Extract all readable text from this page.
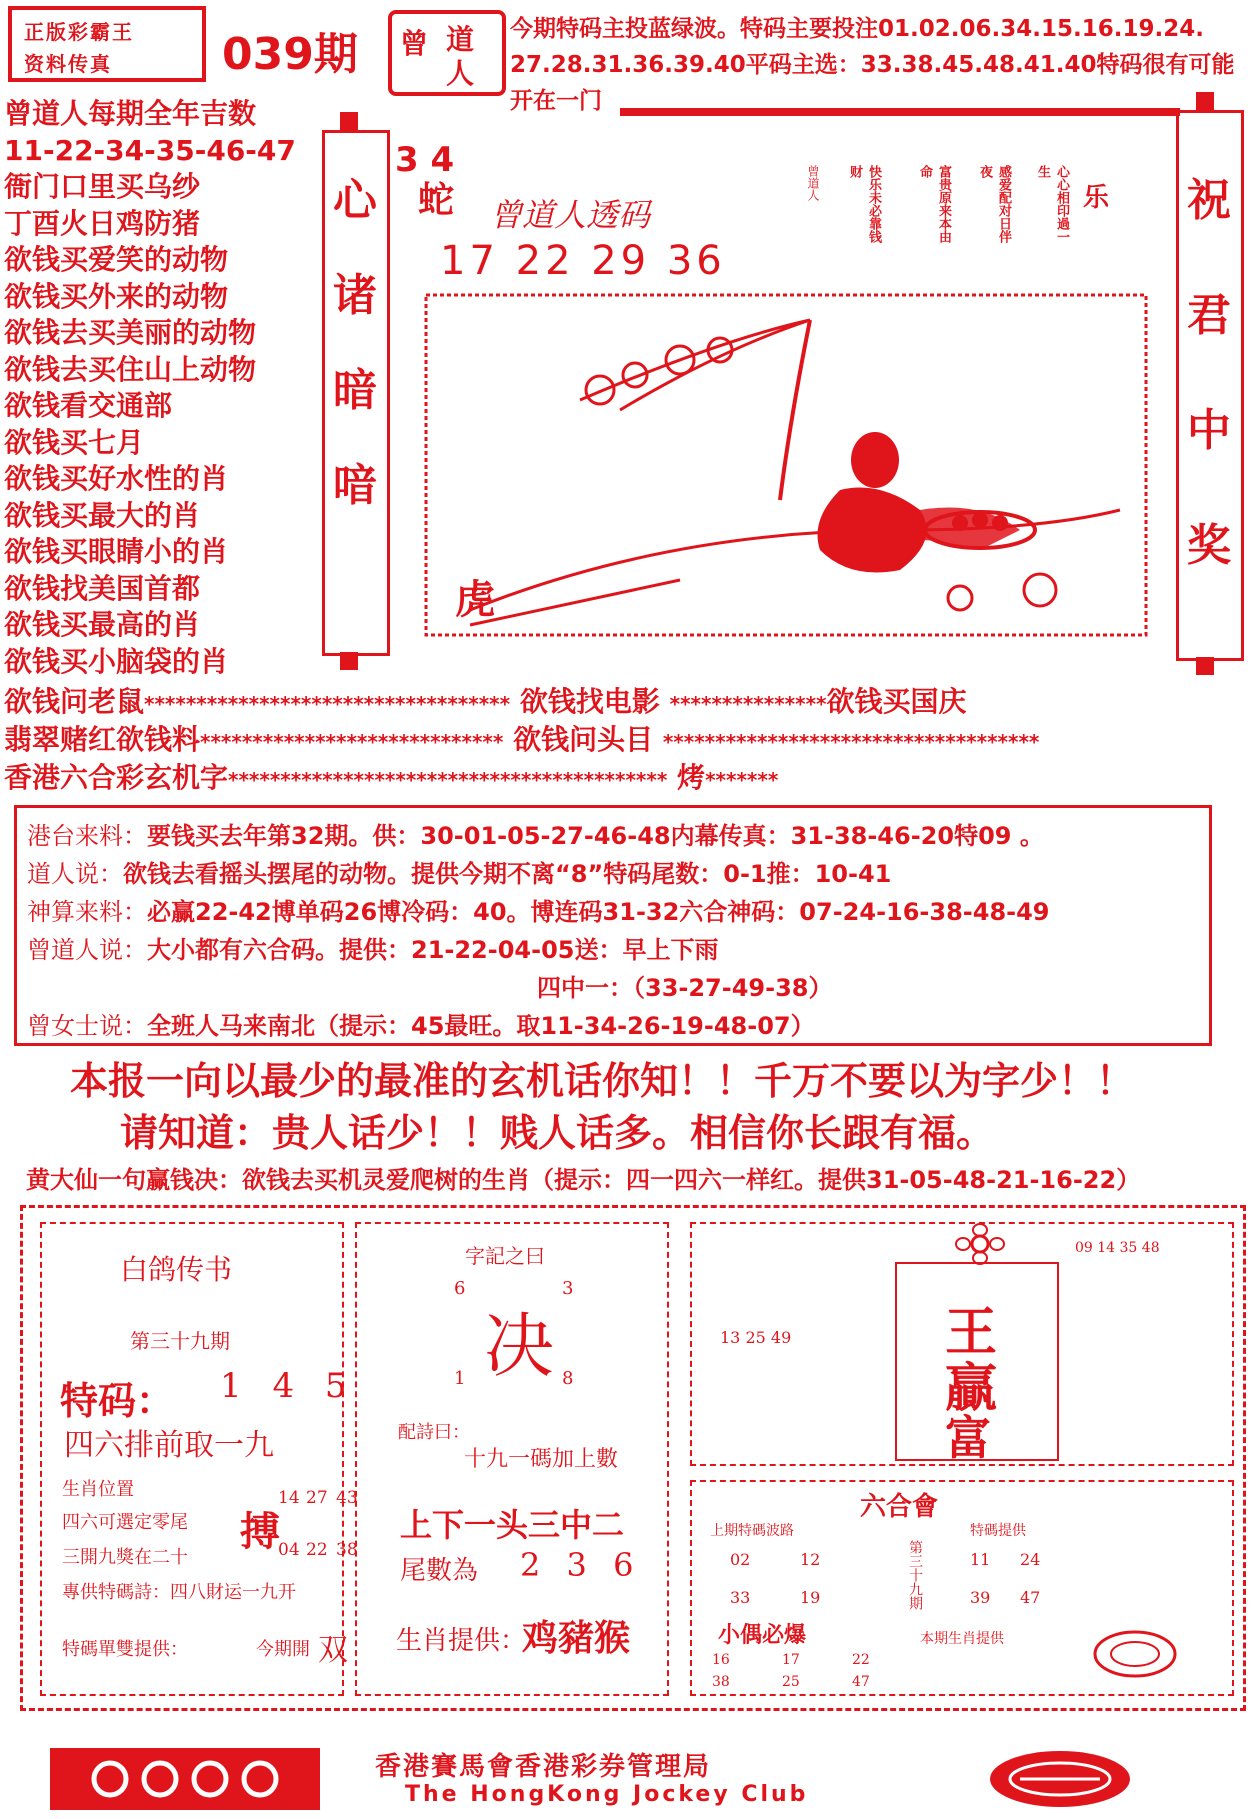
正版彩霸王
资料传真	039期 曾 道
人
今期特码主投蓝绿波。特码主要投注01.02.06.34.15.16.19.24.
27.28.31.36.39.40平码主选：33.38.45.48.41.40特码很有可能
开在一门
曾道人每期全年吉数
11-22-34-35-46-47
衙门口里买乌纱
丁酉火日鸡防猪
欲钱买爱笑的动物
欲钱买外来的动物
欲钱去买美丽的动物
欲钱去买住山上动物
欲钱看交通部
欲钱买七月
欲钱买好水性的肖
欲钱买最大的肖
欲钱买眼睛小的肖
欲钱找美国首都
欲钱买最高的肖
欲钱买小脑袋的肖
心
诸
暗
喑
祝
君
中
奖
3 4
蛇 曾道人透码
17 22 29 36
曾道人	快乐未必靠钱财	富贵原来本由命	感爱配对日伴夜	心心相印過一生
乐
虎
欲钱问老鼠*********************************** 欲钱找电影 ***************欲钱买国庆
翡翠赌红欲钱料***************************** 欲钱问头目 ************************************
香港六合彩玄机字****************************************** 烤*******
港台来料：要钱买去年第32期。供：30-01-05-27-46-48内幕传真：31-38-46-20特09 。
道人说：欲钱去看摇头摆尾的动物。提供今期不离“8”特码尾数：0-1推：10-41
神算来料：必赢22-42博单码26博冷码：40。博连码31-32六合神码：07-24-16-38-48-49
曾道人说：大小都有六合码。提供：21-22-04-05送：早上下雨
四中一：（33-27-49-38）
曾女士说：全班人马来南北（提示：45最旺。取11-34-26-19-48-07）
本报一向以最少的最准的玄机话你知！！千万不要以为字少！！
请知道：贵人话少！！贱人话多。相信你长跟有福。
黄大仙一句赢钱决：欲钱去买机灵爱爬树的生肖（提示：四一四六一样红。提供31-05-48-21-16-22）
白鸽传书
第三十九期
特码： 1 4 5
四六排前取一九
生肖位置
四六可選定零尾 搏
14 27 43
04 22 38
三開九獎在二十
專供特碼詩：四八財运一九开
特碼單雙提供：	今期開 双
字記之曰
6	3
决
1	8
配詩曰：
十九一碼加上數
上下一头三中二
尾數為 2 3 6
生肖提供：
鸡豬猴
13 25 49
09 14 35 48
王
贏
富
六合會
上期特碼波路
02	12
33	19	第三十九期
特碼提供
11 24
39 47
小偶必爆	本期生肖提供
16	17	22
38	25	47
香港賽馬會香港彩券管理局
The HongKong Jockey Club
